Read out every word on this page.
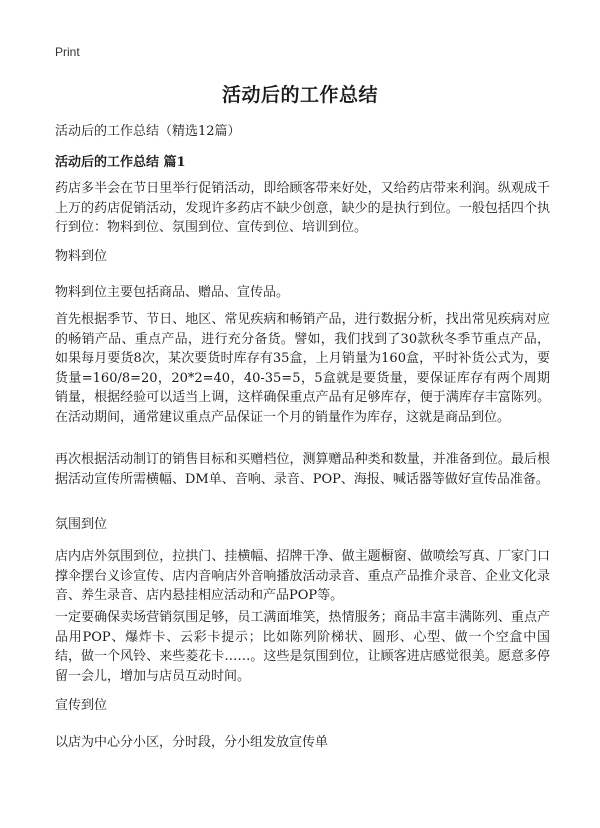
Print
活动后的工作总结
活动后的工作总结（精选12篇）
活动后的工作总结 篇1
药店多半会在节日里举行促销活动，即给顾客带来好处，又给药店带来利润。纵观成千上万的药店促销活动，发现许多药店不缺少创意，缺少的是执行到位。一般包括四个执行到位：物料到位、氛围到位、宣传到位、培训到位。
物料到位
物料到位主要包括商品、赠品、宣传品。
首先根据季节、节日、地区、常见疾病和畅销产品，进行数据分析，找出常见疾病对应的畅销产品、重点产品，进行充分备货。譬如，我们找到了30款秋冬季节重点产品，如果每月要货8次，某次要货时库存有35盒，上月销量为160盒，平时补货公式为，要货量=160/8=20，20*2=40，40-35=5，5盒就是要货量，要保证库存有两个周期销量，根据经验可以适当上调，这样确保重点产品有足够库存，便于满库存丰富陈列。在活动期间，通常建议重点产品保证一个月的销量作为库存，这就是商品到位。
再次根据活动制订的销售目标和买赠档位，测算赠品种类和数量，并准备到位。最后根据活动宣传所需横幅、DM单、音响、录音、POP、海报、喊话器等做好宣传品准备。
氛围到位
店内店外氛围到位，拉拱门、挂横幅、招牌干净、做主题橱窗、做喷绘写真、厂家门口撑伞摆台义诊宣传、店内音响店外音响播放活动录音、重点产品推介录音、企业文化录音、养生录音、店内悬挂相应活动和产品POP等。
一定要确保卖场营销氛围足够，员工满面堆笑，热情服务；商品丰富丰满陈列、重点产品用POP、爆炸卡、云彩卡提示；比如陈列阶梯状、圆形、心型、做一个空盒中国结，做一个风铃、来些菱花卡……。这些是氛围到位，让顾客进店感觉很美。愿意多停留一会儿，增加与店员互动时间。
宣传到位
以店为中心分小区，分时段，分小组发放宣传单
